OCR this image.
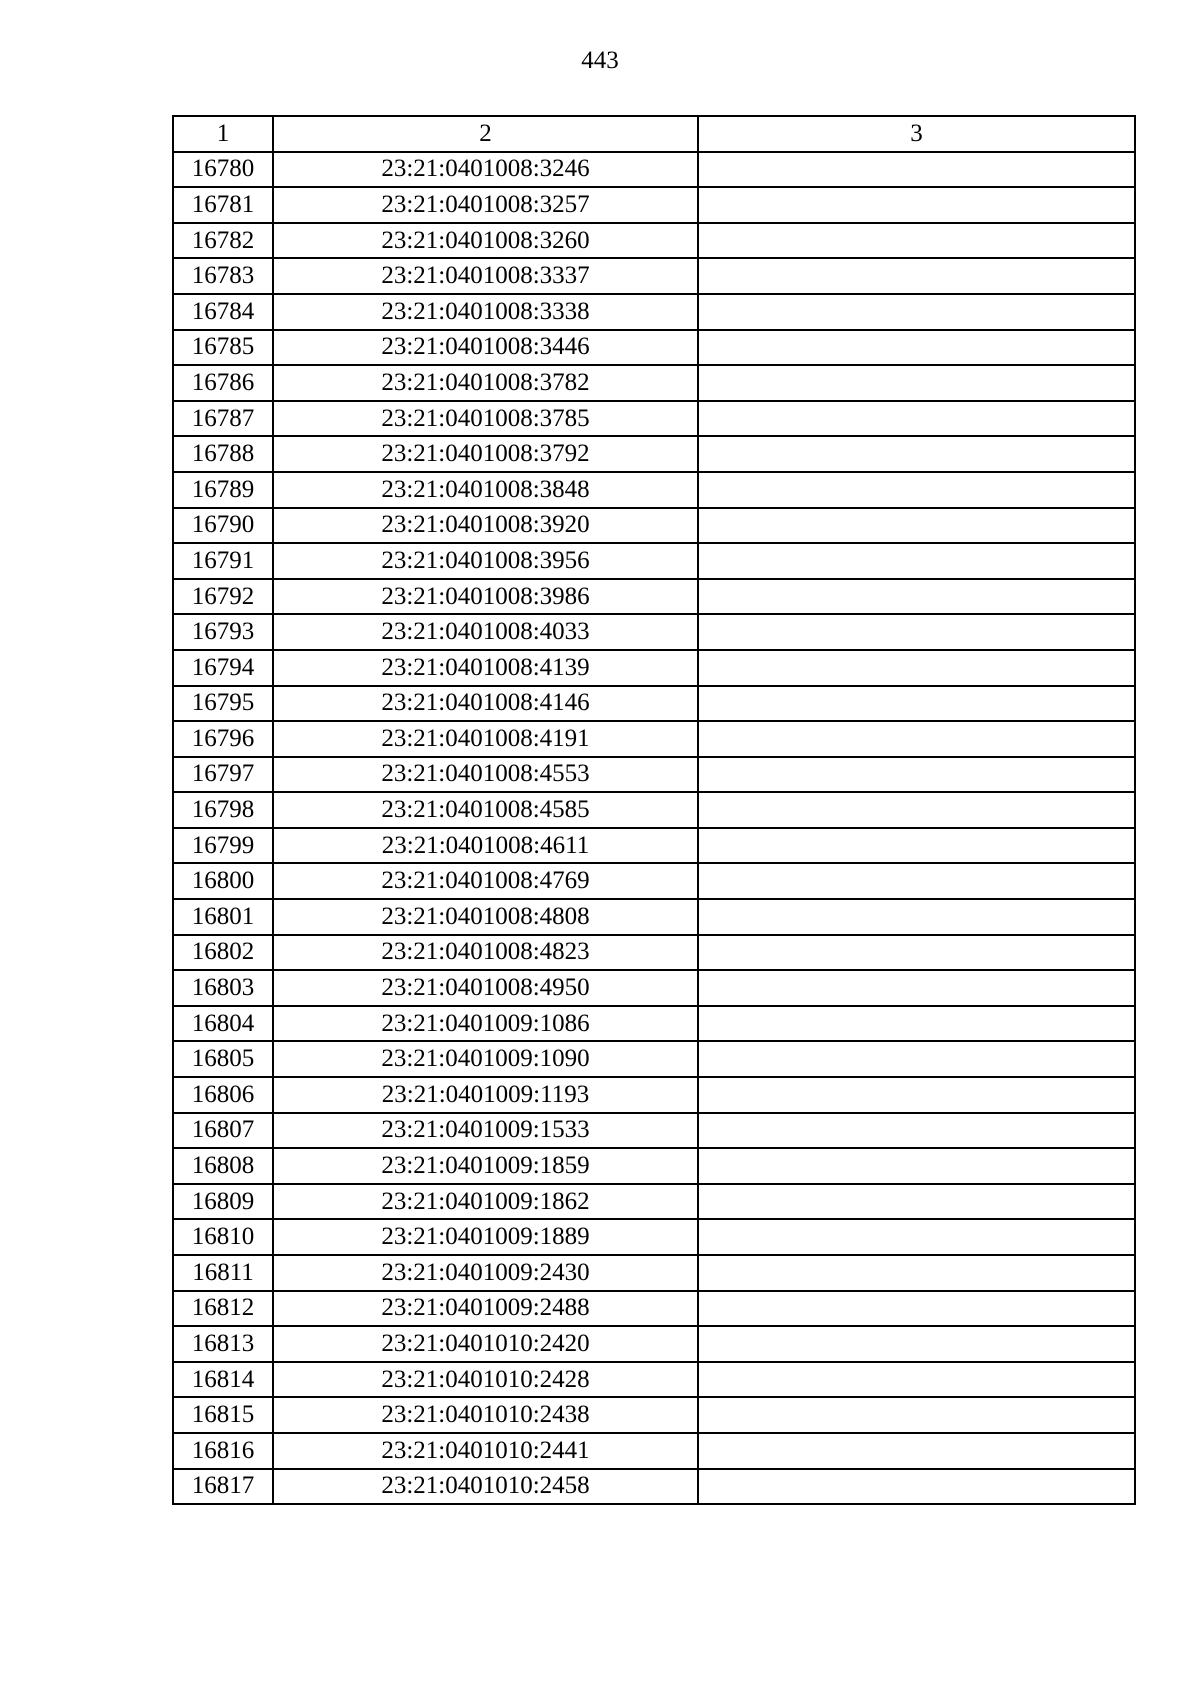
443
1	2	3
16780	23:21:0401008:3246	
16781	23:21:0401008:3257	
16782	23:21:0401008:3260	
16783	23:21:0401008:3337	
16784	23:21:0401008:3338	
16785	23:21:0401008:3446	
16786	23:21:0401008:3782	
16787	23:21:0401008:3785	
16788	23:21:0401008:3792	
16789	23:21:0401008:3848	
16790	23:21:0401008:3920	
16791	23:21:0401008:3956	
16792	23:21:0401008:3986	
16793	23:21:0401008:4033	
16794	23:21:0401008:4139	
16795	23:21:0401008:4146	
16796	23:21:0401008:4191	
16797	23:21:0401008:4553	
16798	23:21:0401008:4585	
16799	23:21:0401008:4611	
16800	23:21:0401008:4769	
16801	23:21:0401008:4808	
16802	23:21:0401008:4823	
16803	23:21:0401008:4950	
16804	23:21:0401009:1086	
16805	23:21:0401009:1090	
16806	23:21:0401009:1193	
16807	23:21:0401009:1533	
16808	23:21:0401009:1859	
16809	23:21:0401009:1862	
16810	23:21:0401009:1889	
16811	23:21:0401009:2430	
16812	23:21:0401009:2488	
16813	23:21:0401010:2420	
16814	23:21:0401010:2428	
16815	23:21:0401010:2438	
16816	23:21:0401010:2441	
16817	23:21:0401010:2458	
